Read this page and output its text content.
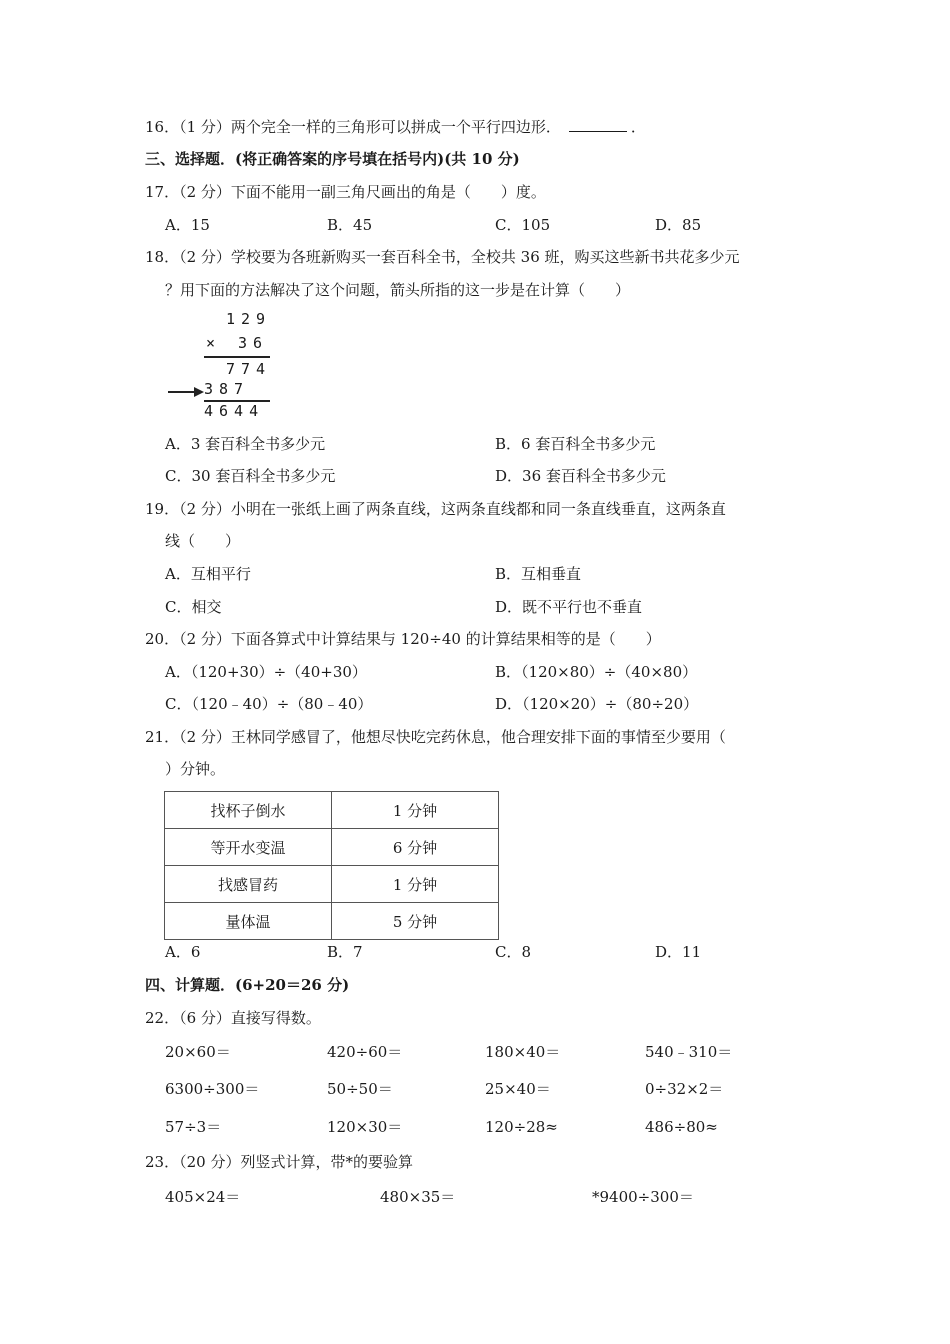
16．（1 分）两个完全一样的三角形可以拼成一个平行四边形．	．
三、选择题．(将正确答案的序号填在括号内)(共 10 分)
17．（2 分）下面不能用一副三角尺画出的角是（　　）度。
A．15	B．45	C．105	D．85
18．（2 分）学校要为各班新购买一套百科全书，全校共 36 班，购买这些新书共花多少元
？用下面的方法解决了这个问题，箭头所指的这一步是在计算（　　）
129
× 36
774
387
4644
A．3 套百科全书多少元	B．6 套百科全书多少元
C．30 套百科全书多少元	D．36 套百科全书多少元
19．（2 分）小明在一张纸上画了两条直线，这两条直线都和同一条直线垂直，这两条直
线（　　）
A．互相平行	B．互相垂直
C．相交	D．既不平行也不垂直
20．（2 分）下面各算式中计算结果与 120÷40 的计算结果相等的是（　　）
A．（120+30）÷（40+30）	B．（120×80）÷（40×80）
C．（120﹣40）÷（80﹣40）	D．（120×20）÷（80÷20）
21．（2 分）王林同学感冒了，他想尽快吃完药休息，他合理安排下面的事情至少要用（
）分钟。
找杯子倒水	1 分钟
等开水变温	6 分钟
找感冒药	1 分钟
量体温	5 分钟
A．6	B．7	C．8	D．11
四、计算题．(6+20＝26 分)
22．（6 分）直接写得数。
20×60＝	420÷60＝	180×40＝	540﹣310＝
6300÷300＝	50÷50＝	25×40＝	0÷32×2＝
57÷3＝	120×30＝	120÷28≈	486÷80≈
23．（20 分）列竖式计算，带*的要验算
405×24＝	480×35＝	*9400÷300＝
